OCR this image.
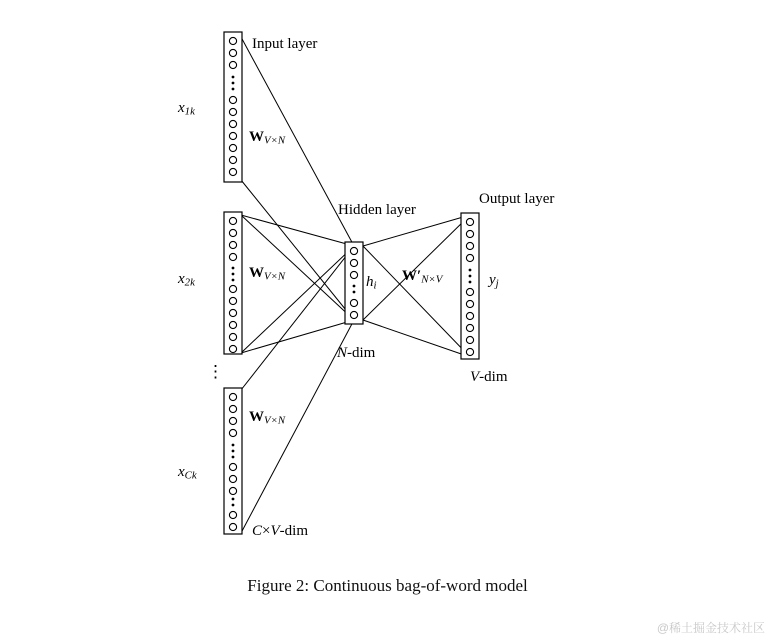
Input layer
Hidden layer
Output layer
$x_{1k}$
$x_{2k}$
$x_{Ck}$
⋮
$W_{V\times N}$
$W_{V\times N}$
$W_{V\times N}$
$h_i$
$W'_{N\times V}$	$y_j$
N-dim
V-dim
C×V-dim
Figure 2: Continuous bag-of-word model
@稀土掘金技术社区
